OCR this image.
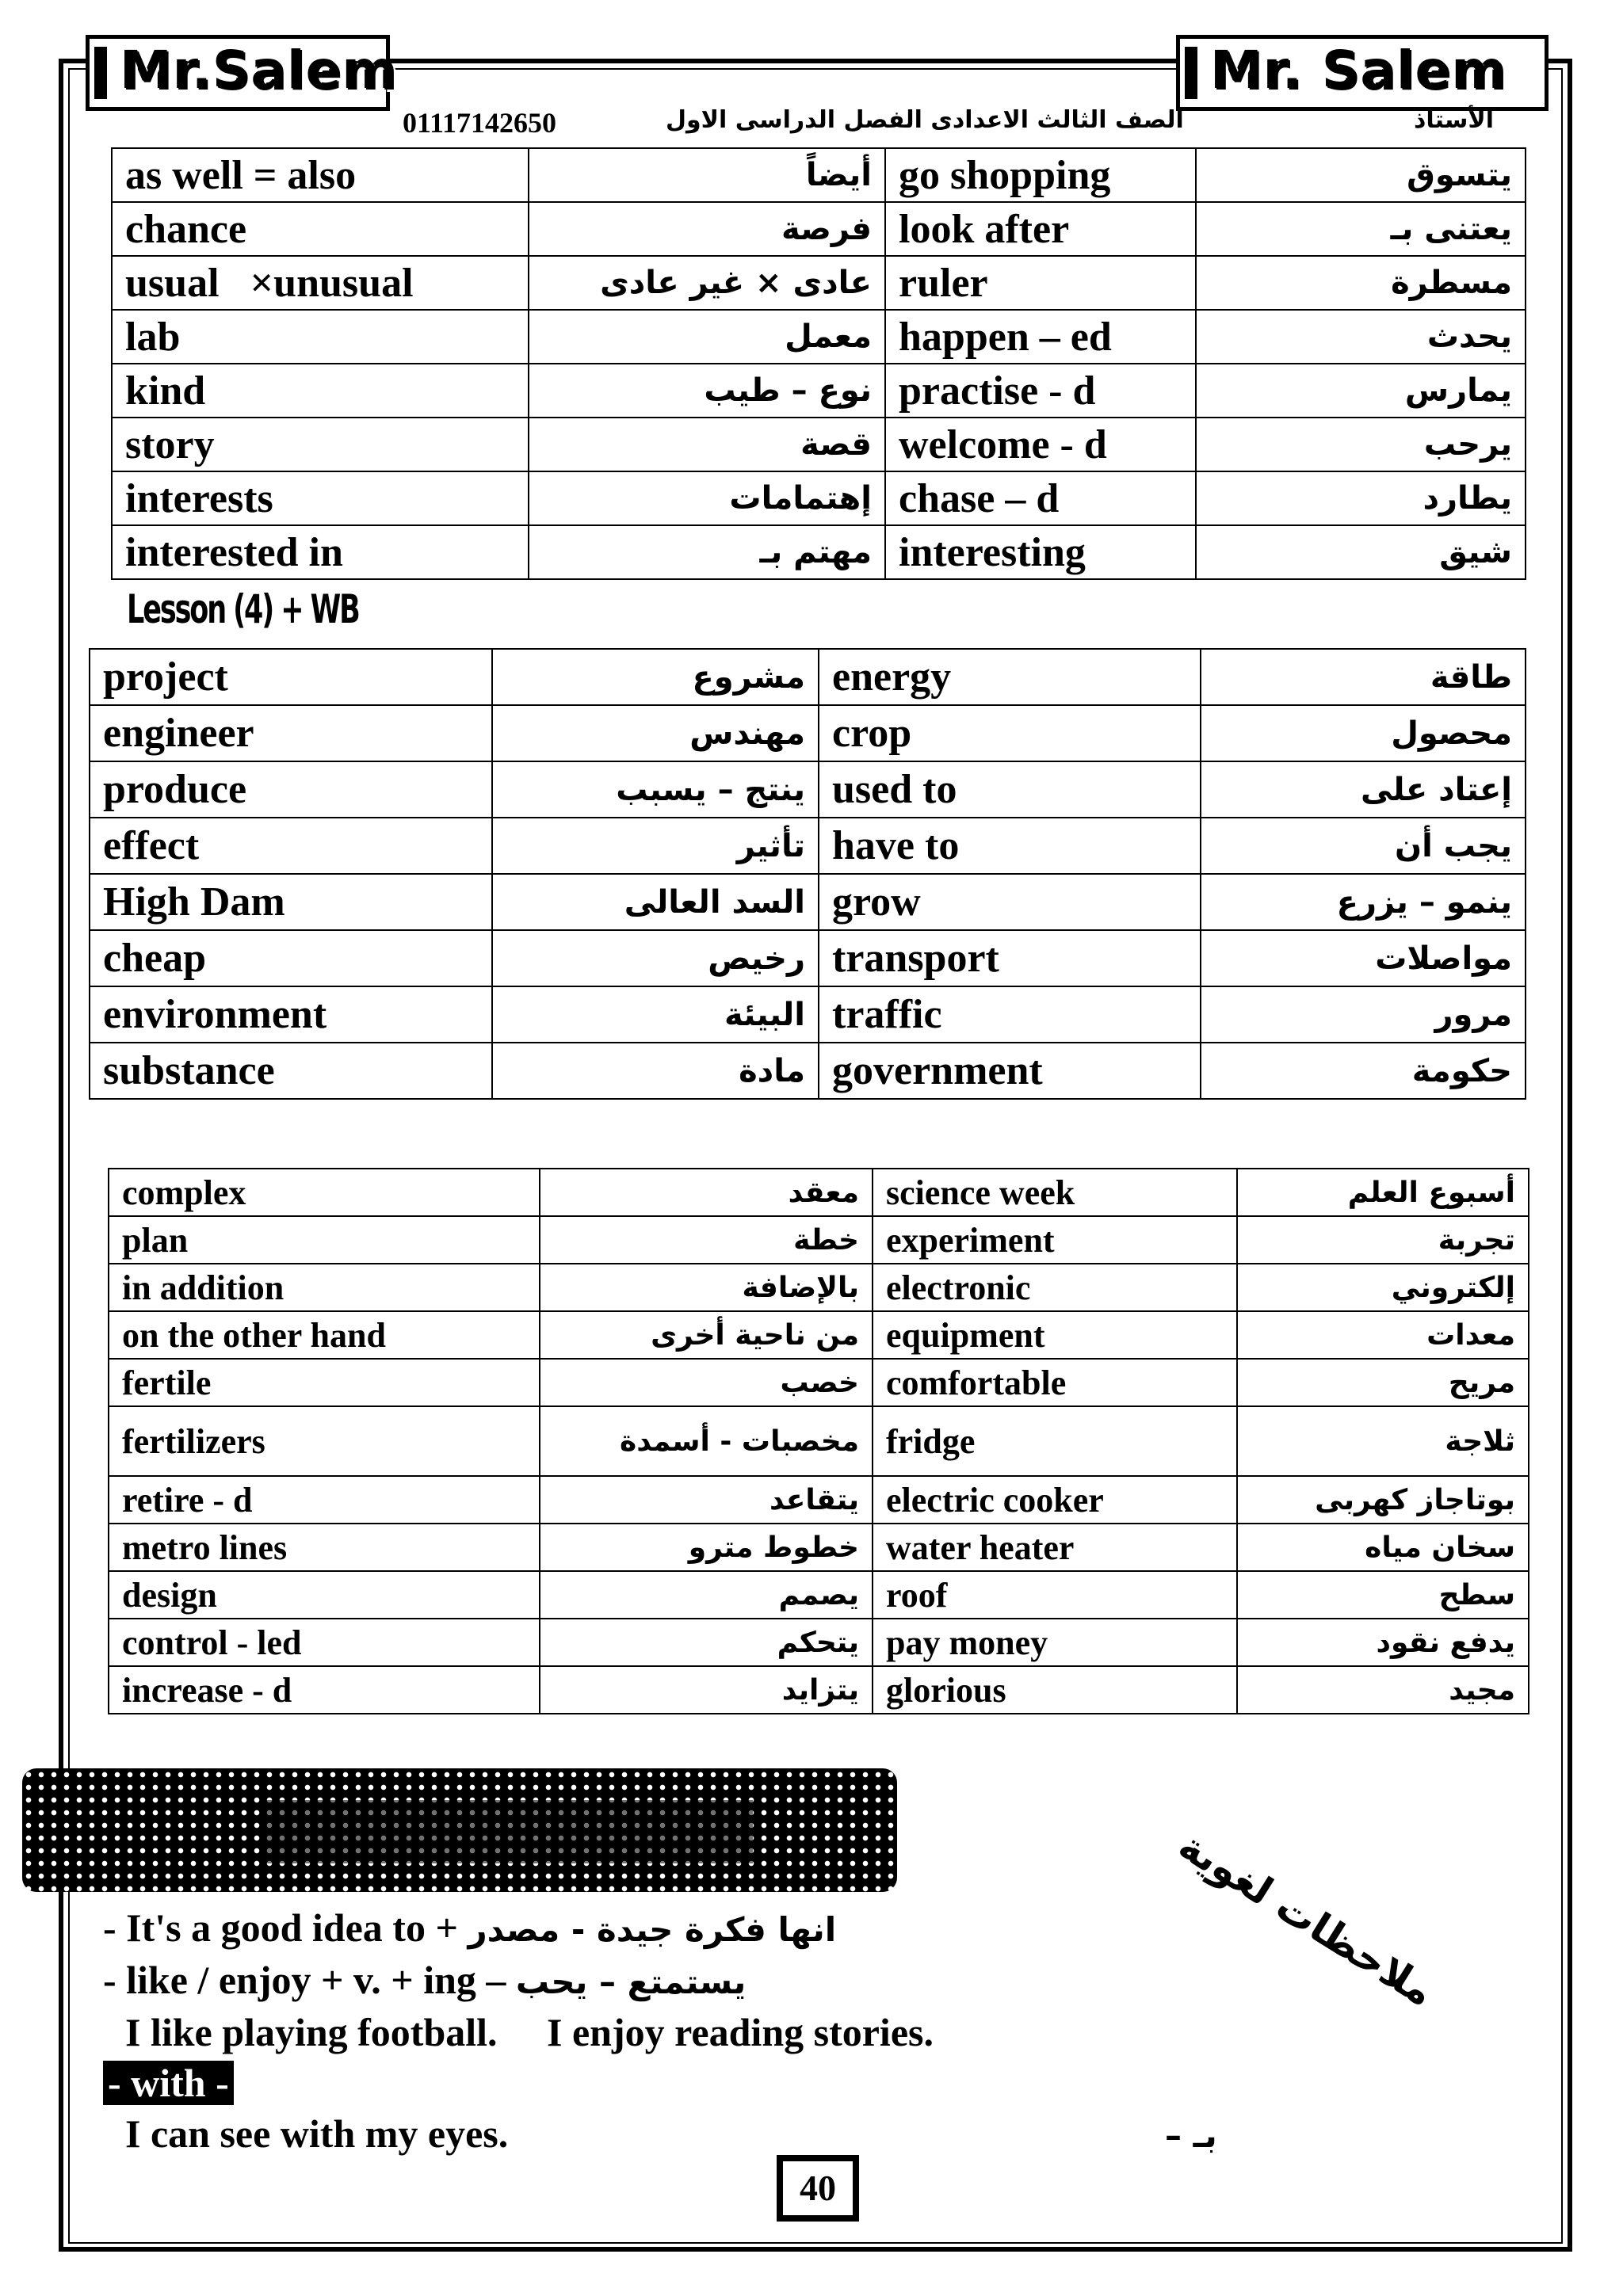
Mr.Salem	Mr. Salem
01117142650	الصف الثالث الاعدادى الفصل الدراسى الاول	الأستاذ
as well = also	أيضاً	go shopping	يتسوق
chance	فرصة	look after	يعتنى بـ
usual   ×unusual	عادى × غير عادى	ruler	مسطرة
lab	معمل	happen – ed	يحدث
kind	نوع – طيب	practise - d	يمارس
story	قصة	welcome - d	يرحب
interests	إهتمامات	chase – d	يطارد
interested in	مهتم بـ	interesting	شيق
Lesson (4) + WB
project	مشروع	energy	طاقة
engineer	مهندس	crop	محصول
produce	ينتج – يسبب	used to	إعتاد على
effect	تأثير	have to	يجب أن
High Dam	السد العالى	grow	ينمو – يزرع
cheap	رخيص	transport	مواصلات
environment	البيئة	traffic	مرور
substance	مادة	government	حكومة
complex	معقد	science week	أسبوع العلم
plan	خطة	experiment	تجربة
in addition	بالإضافة	electronic	إلكتروني
on the other hand	من ناحية أخرى	equipment	معدات
fertile	خصب	comfortable	مريح
fertilizers	مخصبات - أسمدة	fridge	ثلاجة
retire - d	يتقاعد	electric cooker	بوتاجاز كهربى
metro lines	خطوط مترو	water heater	سخان مياه
design	يصمم	roof	سطح
control - led	يتحكم	pay money	يدفع نقود
increase - d	يتزايد	glorious	مجيد
ملاحظات لغوية
- It's a good idea to + انها فكرة جيدة - مصدر
- like / enjoy + v. + ing – يستمتع – يحب
I like playing football.     I enjoy reading stories.
- with -
I can see with my eyes.	بـ –
40
